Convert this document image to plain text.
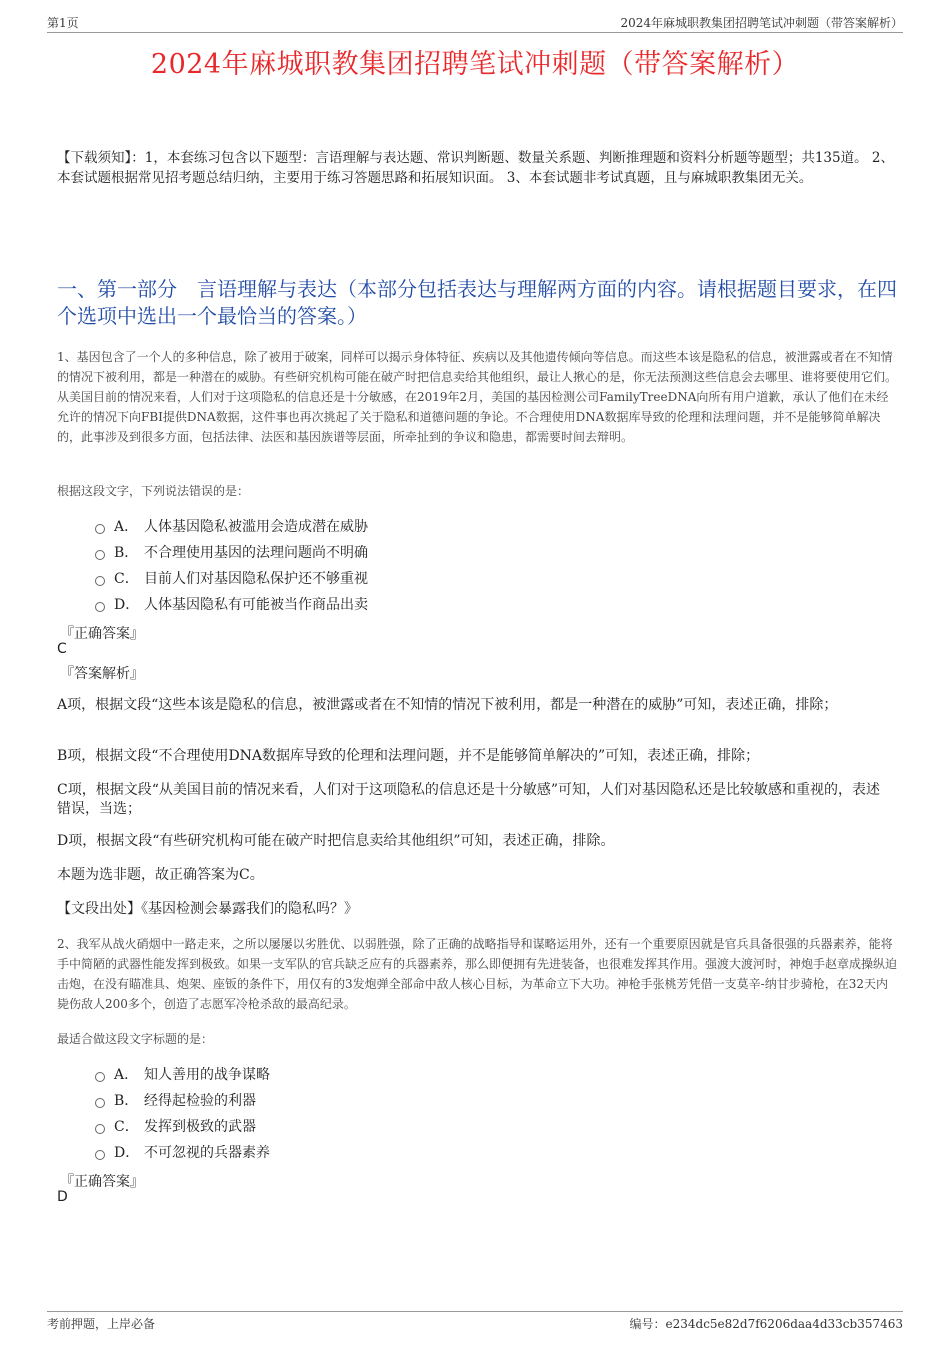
第1页	2024年麻城职教集团招聘笔试冲刺题（带答案解析）
2024年麻城职教集团招聘笔试冲刺题（带答案解析）
【下载须知】：1，本套练习包含以下题型：言语理解与表达题、常识判断题、数量关系题、判断推理题和资料分析题等题型；共135道。 2、本套试题根据常见招考题总结归纳，主要用于练习答题思路和拓展知识面。 3、本套试题非考试真题，且与麻城职教集团无关。
一、第一部分　言语理解与表达（本部分包括表达与理解两方面的内容。请根据题目要求，在四个选项中选出一个最恰当的答案。）
1、基因包含了一个人的多种信息，除了被用于破案，同样可以揭示身体特征、疾病以及其他遗传倾向等信息。而这些本该是隐私的信息，被泄露或者在不知情的情况下被利用，都是一种潜在的威胁。有些研究机构可能在破产时把信息卖给其他组织，最让人揪心的是，你无法预测这些信息会去哪里、谁将要使用它们。从美国目前的情况来看，人们对于这项隐私的信息还是十分敏感，在2019年2月，美国的基因检测公司FamilyTreeDNA向所有用户道歉，承认了他们在未经允许的情况下向FBI提供DNA数据，这件事也再次挑起了关于隐私和道德问题的争论。不合理使用DNA数据库导致的伦理和法理问题，并不是能够简单解决的，此事涉及到很多方面，包括法律、法医和基因族谱等层面，所牵扯到的争议和隐患，都需要时间去辩明。
根据这段文字，下列说法错误的是：
A． 人体基因隐私被滥用会造成潜在威胁
B． 不合理使用基因的法理问题尚不明确
C． 目前人们对基因隐私保护还不够重视
D． 人体基因隐私有可能被当作商品出卖
『正确答案』
C
『答案解析』
A项，根据文段“这些本该是隐私的信息，被泄露或者在不知情的情况下被利用，都是一种潜在的威胁”可知，表述正确，排除；
B项，根据文段“不合理使用DNA数据库导致的伦理和法理问题，并不是能够简单解决的”可知，表述正确，排除；
C项，根据文段“从美国目前的情况来看，人们对于这项隐私的信息还是十分敏感”可知，人们对基因隐私还是比较敏感和重视的，表述错误，当选；
D项，根据文段“有些研究机构可能在破产时把信息卖给其他组织”可知，表述正确，排除。
本题为选非题，故正确答案为C。
【文段出处】《基因检测会暴露我们的隐私吗？》
2、我军从战火硝烟中一路走来，之所以屡屡以劣胜优、以弱胜强，除了正确的战略指导和谋略运用外，还有一个重要原因就是官兵具备很强的兵器素养，能将手中简陋的武器性能发挥到极致。如果一支军队的官兵缺乏应有的兵器素养，那么即便拥有先进装备，也很难发挥其作用。强渡大渡河时，神炮手赵章成操纵迫击炮，在没有瞄准具、炮架、座钣的条件下，用仅有的3发炮弹全部命中敌人核心目标，为革命立下大功。神枪手张桃芳凭借一支莫辛-纳甘步骑枪，在32天内毙伤敌人200多个，创造了志愿军冷枪杀敌的最高纪录。
最适合做这段文字标题的是：
A． 知人善用的战争谋略
B． 经得起检验的利器
C． 发挥到极致的武器
D． 不可忽视的兵器素养
『正确答案』
D
考前押题，上岸必备	编号：e234dc5e82d7f6206daa4d33cb357463
